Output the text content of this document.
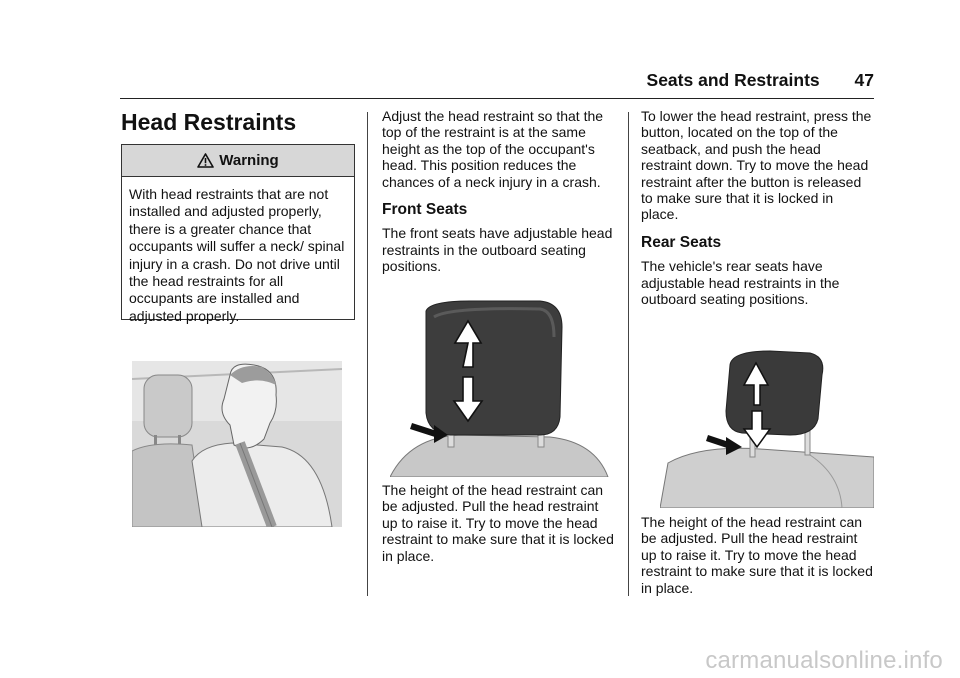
Seats and Restraints 47
Head Restraints
Warning
With head restraints that are not installed and adjusted properly, there is a greater chance that occupants will suffer a neck/ spinal injury in a crash. Do not drive until the head restraints for all occupants are installed and adjusted properly.

Adjust the head restraint so that the top of the restraint is at the same height as the top of the occupant's head. This position reduces the chances of a neck injury in a crash.

Front Seats

The front seats have adjustable head restraints in the outboard seating positions.

The height of the head restraint can be adjusted. Pull the head restraint up to raise it. Try to move the head restraint to make sure that it is locked in place.

To lower the head restraint, press the button, located on the top of the seatback, and push the head restraint down. Try to move the head restraint after the button is released to make sure that it is locked in place.

Rear Seats

The vehicle's rear seats have adjustable head restraints in the outboard seating positions.

The height of the head restraint can be adjusted. Pull the head restraint up to raise it. Try to move the head restraint to make sure that it is locked in place.

carmanualsonline.info
